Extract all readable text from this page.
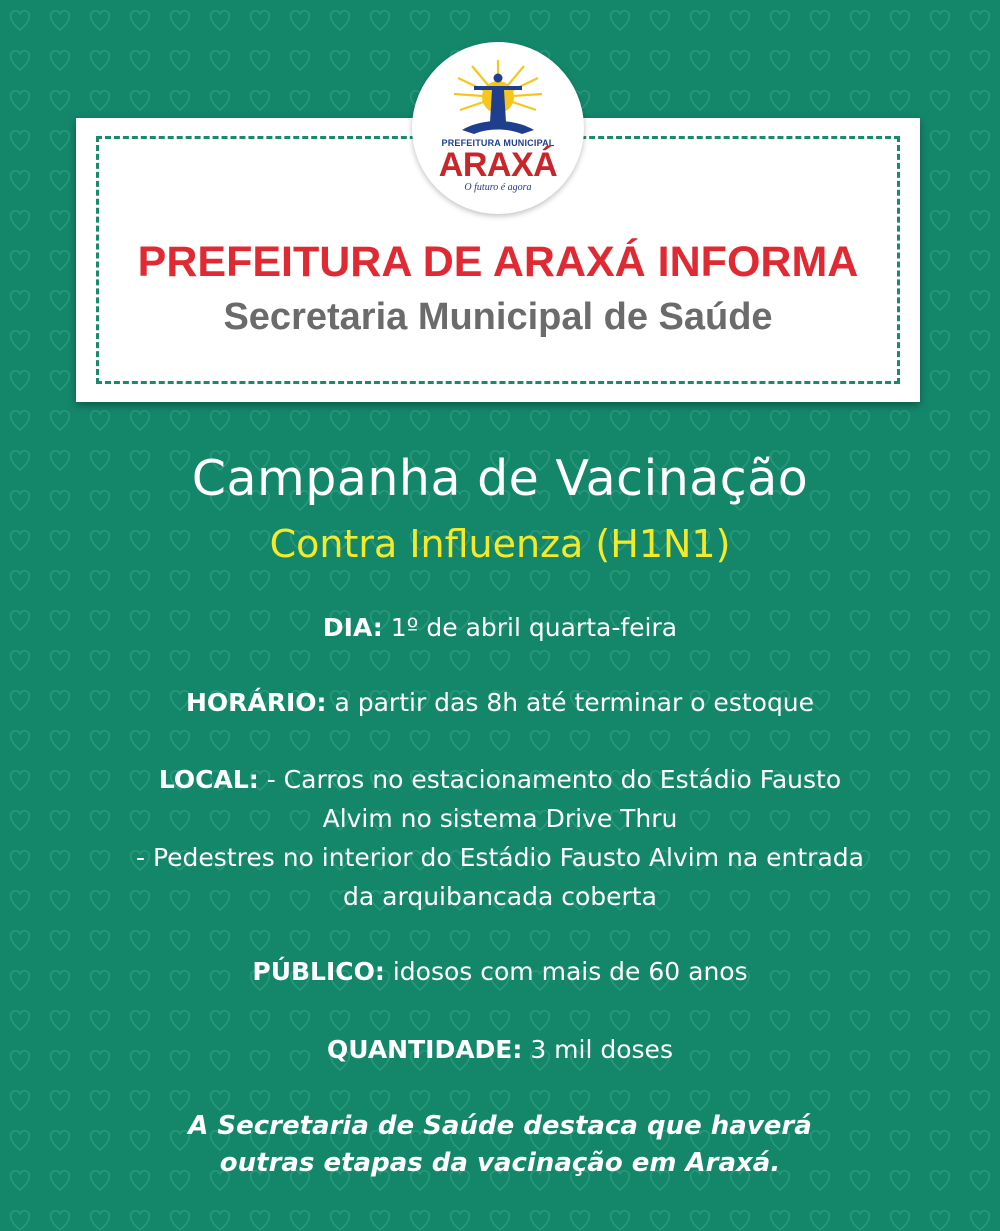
PREFEITURA MUNICIPAL
ARAXÁ
O futuro é agora
PREFEITURA DE ARAXÁ INFORMA
Secretaria Municipal de Saúde
Campanha de Vacinação
Contra Influenza (H1N1)
DIA: 1º de abril quarta-feira
HORÁRIO: a partir das 8h até terminar o estoque
LOCAL: - Carros no estacionamento do Estádio Fausto
Alvim no sistema Drive Thru
- Pedestres no interior do Estádio Fausto Alvim na entrada
da arquibancada coberta
PÚBLICO: idosos com mais de 60 anos
QUANTIDADE: 3 mil doses
A Secretaria de Saúde destaca que haverá
outras etapas da vacinação em Araxá.
